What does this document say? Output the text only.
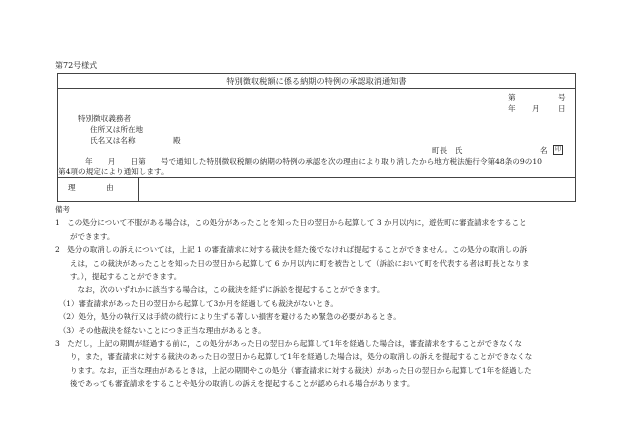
第72号様式
特別徴収税額に係る納期の特例の承認取消通知書
第	号
年 月 日
特別徴収義務者
住所又は所在地
氏名又は名称	殿
町長　氏	名	印
年　　月　　日第　　号で通知した特別徴収税額の納期の特例の承認を次の理由により取り消したから地方税法施行令第48条の9の10
第4項の規定により通知します。
理　　　　由

備考

1　この処分について不服がある場合は，この処分があったことを知った日の翌日から起算して 3 か月以内に，遊佐町に審査請求をすること

　　ができます。

2　処分の取消しの訴えについては，上記 1 の審査請求に対する裁決を経た後でなければ提起することができません。この処分の取消しの訴

　　えは，この裁決があったことを知った日の翌日から起算して 6 か月以内に町を被告として（訴訟において町を代表する者は町長となりま

　　す。），提起することができます。

　　　なお，次のいずれかに該当する場合は，この裁決を経ずに訴訟を提起することができます。

　（1）審査請求があった日の翌日から起算して3か月を経過しても裁決がないとき。

　（2）処分，処分の執行又は手続の続行により生ずる著しい損害を避けるため緊急の必要があるとき。

　（3）その他裁決を経ないことにつき正当な理由があるとき。

3　ただし，上記の期間が経過する前に，この処分があった日の翌日から起算して1年を経過した場合は，審査請求をすることができなくな

　　り，また，審査請求に対する裁決のあった日の翌日から起算して1年を経過した場合は，処分の取消しの訴えを提起することができなくな

　　ります。なお，正当な理由があるときは，上記の期間やこの処分（審査請求に対する裁決）があった日の翌日から起算して1年を経過した

　　後であっても審査請求をすることや処分の取消しの訴えを提起することが認められる場合があります。
